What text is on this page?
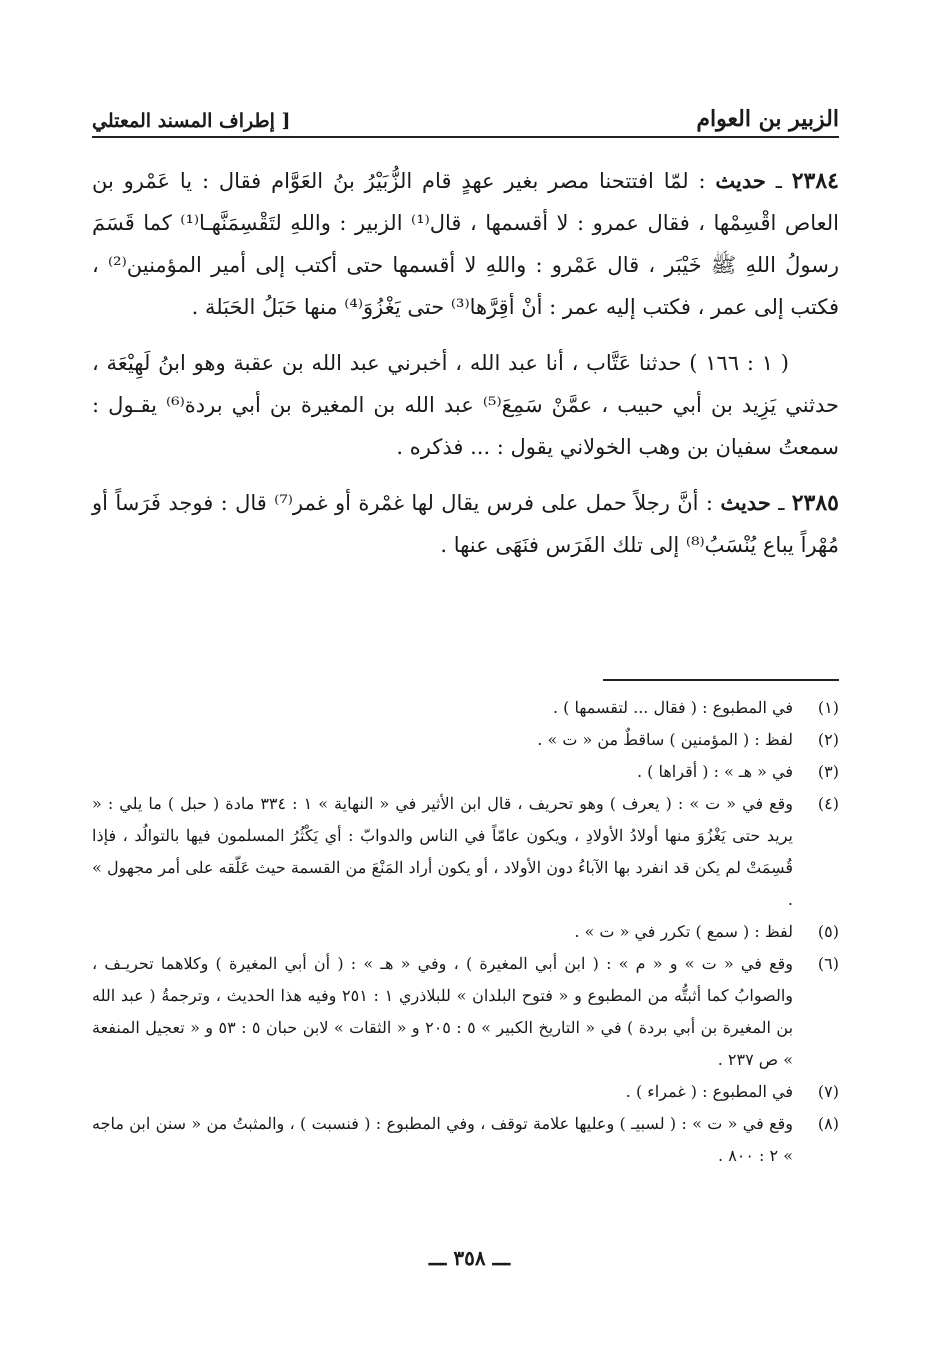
الزبير بن العوام
[ إطراف المسند المعتلي

٢٣٨٤ ـ حديث : لمّا افتتحنا مصر بغير عهدٍ قام الزُّبَيْرُ بنُ العَوَّام فقال : يا عَمْرو بن العاص اقْسِمْها ، فقال عمرو : لا أقسمها ، قال⁽¹⁾ الزبير : واللهِ لتَقْسِمَنَّهـا⁽¹⁾ كما قَسَمَ رسولُ اللهِ ﷺ خَيْبَر ، قال عَمْرو : واللهِ لا أقسمها حتى أكتب إلى أمير المؤمنين⁽²⁾ ، فكتب إلى عمر ، فكتب إليه عمر : أنْ أقِرَّها⁽³⁾ حتى يَغْزُوَ⁽⁴⁾ منها حَبَلُ الحَبَلة .

( ١ : ١٦٦ ) حدثنا عَتَّاب ، أنا عبد الله ، أخبرني عبد الله بن عقبة وهو ابنُ لَهِيْعَة ، حدثني يَزِيد بن أبي حبيب ، عمَّنْ سَمِعَ⁽⁵⁾ عبد الله بن المغيرة بن أبي بردة⁽⁶⁾ يقـول : سمعتُ سفيان بن وهب الخولاني يقول : ... فذكره .

٢٣٨٥ ـ حديث : أنَّ رجلاً حمل على فرس يقال لها غمْرة أو غمر⁽⁷⁾ قال : فوجد فَرَساً أو مُهْراً يباع يُنْسَبُ⁽⁸⁾ إلى تلك الفَرَس فنَهَى عنها .

(١)
في المطبوع : ( فقال ... لتقسمها ) .
(٢)
لفظ : ( المؤمنين ) ساقطٌ من « ت » .
(٣)
في « هـ » : ( أقراها ) .
(٤)
وقع في « ت » : ( يعرف ) وهو تحريف ، قال ابن الأثير في « النهاية » ١ : ٣٣٤ مادة ( حبل ) ما يلي : « يريد حتى يَغْزُوَ منها أولادُ الأولادِ ، ويكون عامّاً في الناس والدوابّ : أي يَكْثُرُ المسلمون فيها بالتوالُد ، فإذا قُسِمَتْ لم يكن قد انفرد بها الآباءُ دون الأولاد ، أو يكون أراد المَنْعَ من القسمة حيث عَلّقه على أمر مجهول » .
(٥)
لفظ : ( سمع ) تكرر في « ت » .
(٦)
وقع في « ت » و « م » : ( ابن أبي المغيرة ) ، وفي « هـ » : ( أن أبي المغيرة ) وكلاهما تحريـف ، والصوابُ كما أثبتُّه من المطبوع و « فتوح البلدان » للبلاذري ١ : ٢٥١ وفيه هذا الحديث ، وترجمةُ ( عبد الله بن المغيرة بن أبي بردة ) في « التاريخ الكبير » ٥ : ٢٠٥ و « الثقات » لابن حبان ٥ : ٥٣ و « تعجيل المنفعة » ص ٢٣٧ .
(٧)
في المطبوع : ( غمراء ) .
(٨)
وقع في « ت » : ( لسبيـ ) وعليها علامة توقف ، وفي المطبوع : ( فنسبت ) ، والمثبتُ من « سنن ابن ماجه » ٢ : ٨٠٠ .
ـــ ٣٥٨ ـــ
